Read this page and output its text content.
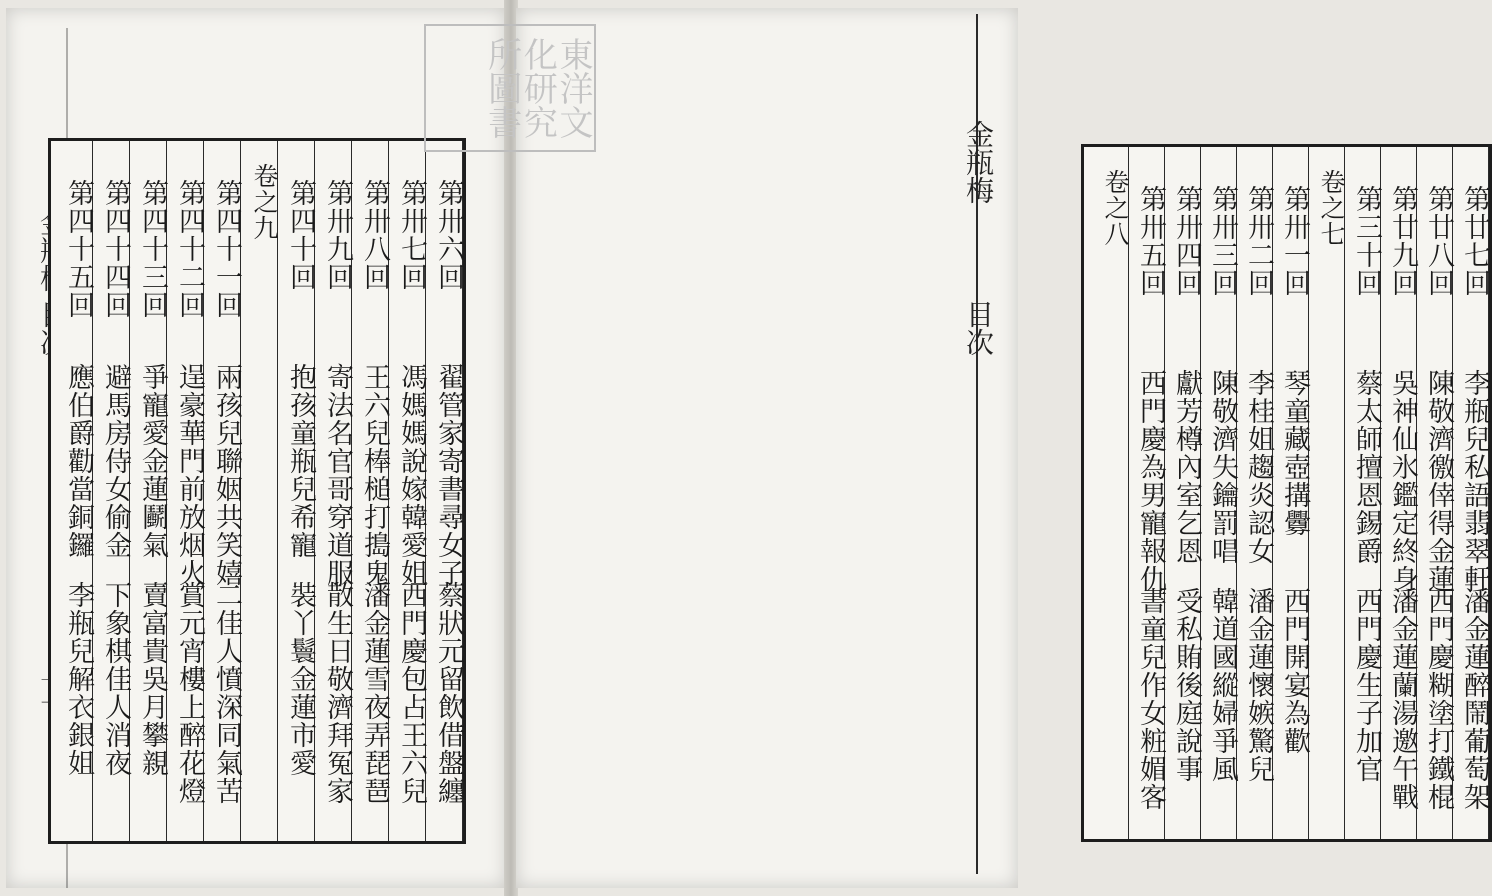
第卅六回
翟管家寄書尋女子
蔡狀元留飲借盤纏
第卅七回
馮媽媽說嫁韓愛姐
西門慶包占王六兒
第卅八回
王六兒棒槌打搗鬼
潘金蓮雪夜弄琵琶
第卅九回
寄法名官哥穿道服
散生日敬濟拜冤家
第四十回
抱孩童瓶兒希寵
裝丫鬟金蓮市愛
卷之九
第四十一回
兩孩兒聯姻共笑嬉
二佳人憤深同氣苦
第四十二回
逞豪華門前放烟火
賞元宵樓上醉花燈
第四十三回
爭寵愛金蓮鬬氣
賣富貴吳月攀親
第四十四回
避馬房侍女偷金
下象棋佳人消夜
第四十五回
應伯爵勸當銅鑼
李瓶兒解衣銀姐
第廿七回
李瓶兒私語翡翠軒
潘金蓮醉鬧葡萄架
第廿八回
陳敬濟徼倖得金蓮
西門慶糊塗打鐵棍
第廿九回
吳神仙氷鑑定終身
潘金蓮蘭湯邀午戰
第三十回
蔡太師擅恩錫爵
西門慶生子加官
卷之七
第卅一回
琴童藏壺搆釁
西門開宴為歡
第卅二回
李桂姐趨炎認女
潘金蓮懷嫉驚兒
第卅三回
陳敬濟失鑰罰唱
韓道國縱婦爭風
第卅四回
獻芳樽內室乞恩
受私賄後庭說事
第卅五回
西門慶為男寵報仇
書童兒作女粧媚客
卷之八
金瓶梅
目次
東洋文化研究所圖書
